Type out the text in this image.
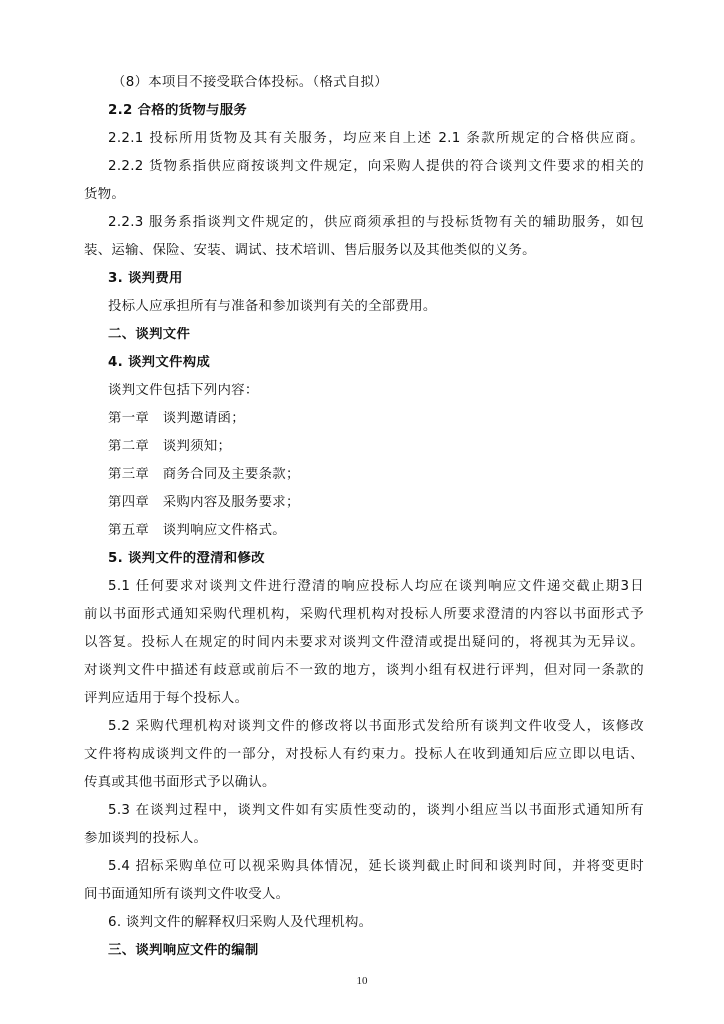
（8）本项目不接受联合体投标。（格式自拟）
2.2 合格的货物与服务
2.2.1 投标所用货物及其有关服务，均应来自上述 2.1 条款所规定的合格供应商。
2.2.2 货物系指供应商按谈判文件规定，向采购人提供的符合谈判文件要求的相关的
货物。
2.2.3 服务系指谈判文件规定的，供应商须承担的与投标货物有关的辅助服务，如包
装、运输、保险、安装、调试、技术培训、售后服务以及其他类似的义务。
3. 谈判费用
投标人应承担所有与准备和参加谈判有关的全部费用。
二、谈判文件
4. 谈判文件构成
谈判文件包括下列内容：
第一章　谈判邀请函；
第二章　谈判须知；
第三章　商务合同及主要条款；
第四章　采购内容及服务要求；
第五章　谈判响应文件格式。
5. 谈判文件的澄清和修改
5.1 任何要求对谈判文件进行澄清的响应投标人均应在谈判响应文件递交截止期3日
前以书面形式通知采购代理机构，采购代理机构对投标人所要求澄清的内容以书面形式予
以答复。投标人在规定的时间内未要求对谈判文件澄清或提出疑问的，将视其为无异议。
对谈判文件中描述有歧意或前后不一致的地方，谈判小组有权进行评判，但对同一条款的
评判应适用于每个投标人。
5.2 采购代理机构对谈判文件的修改将以书面形式发给所有谈判文件收受人，该修改
文件将构成谈判文件的一部分，对投标人有约束力。投标人在收到通知后应立即以电话、
传真或其他书面形式予以确认。
5.3 在谈判过程中，谈判文件如有实质性变动的，谈判小组应当以书面形式通知所有
参加谈判的投标人。
5.4 招标采购单位可以视采购具体情况，延长谈判截止时间和谈判时间，并将变更时
间书面通知所有谈判文件收受人。
6. 谈判文件的解释权归采购人及代理机构。
三、谈判响应文件的编制
10
